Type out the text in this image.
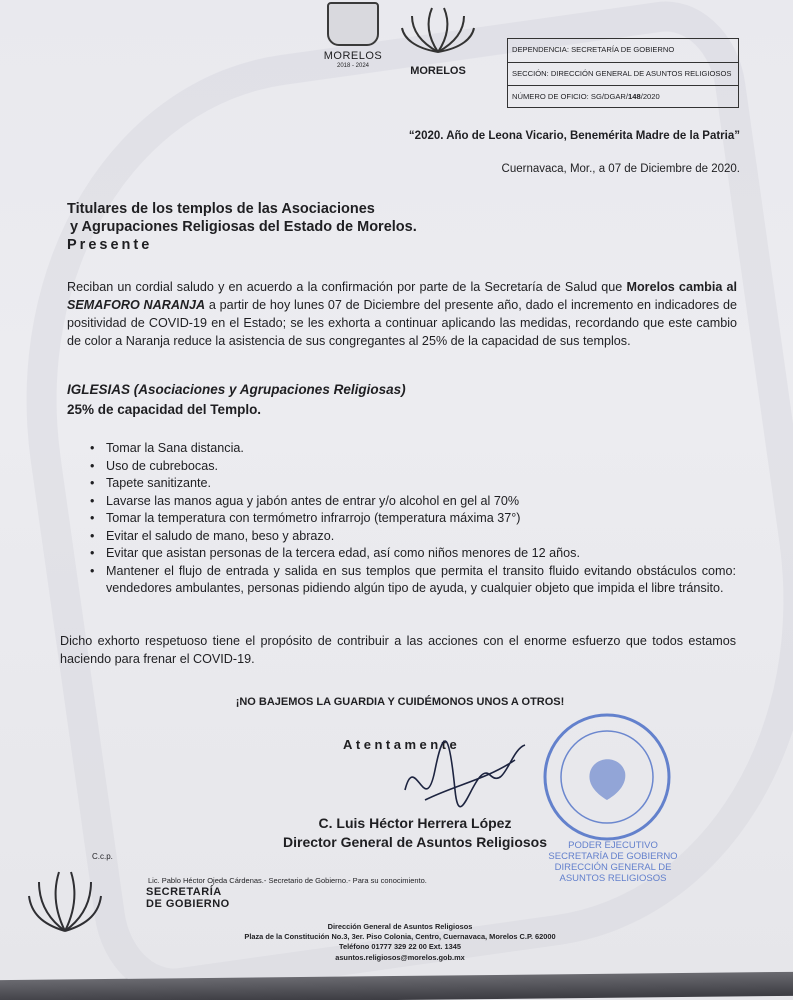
MORELOS
2018 - 2024	MORELOS
DEPENDENCIA: SECRETARÍA DE GOBIERNO
SECCIÓN: DIRECCIÓN GENERAL DE ASUNTOS RELIGIOSOS
NÚMERO DE OFICIO: SG/DGAR/148/2020
“2020. Año de Leona Vicario, Benemérita Madre de la Patria”
Cuernavaca, Mor., a 07 de Diciembre de 2020.
Titulares de los templos de las Asociaciones
y Agrupaciones Religiosas del Estado de Morelos.
Presente
Reciban un cordial saludo y en acuerdo a la confirmación por parte de la Secretaría de Salud que Morelos cambia al SEMAFORO NARANJA a partir de hoy lunes 07 de Diciembre del presente año, dado el incremento en indicadores de positividad de COVID-19 en el Estado; se les exhorta a continuar aplicando las medidas, recordando que este cambio de color a Naranja reduce la asistencia de sus congregantes al 25% de la capacidad de sus templos.
IGLESIAS (Asociaciones y Agrupaciones Religiosas)
25% de capacidad del Templo.
• Tomar la Sana distancia.
• Uso de cubrebocas.
• Tapete sanitizante.
• Lavarse las manos agua y jabón antes de entrar y/o alcohol en gel al 70%
• Tomar la temperatura con termómetro infrarrojo (temperatura máxima 37°)
• Evitar el saludo de mano, beso y abrazo.
• Evitar que asistan personas de la tercera edad, así como niños menores de 12 años.
• Mantener el flujo de entrada y salida en sus templos que permita el transito fluido evitando obstáculos como: vendedores ambulantes, personas pidiendo algún tipo de ayuda, y cualquier objeto que impida el libre tránsito.
Dicho exhorto respetuoso tiene el propósito de contribuir a las acciones con el enorme esfuerzo que todos estamos haciendo para frenar el COVID-19.
¡NO BAJEMOS LA GUARDIA Y CUIDÉMONOS UNOS A OTROS!
Atentamente
PODER EJECUTIVO
SECRETARÍA DE GOBIERNO
DIRECCIÓN GENERAL DE
ASUNTOS RELIGIOSOS
C. Luis Héctor Herrera López
Director General de Asuntos Religiosos
C.c.p.
Lic. Pablo Héctor Ojeda Cárdenas.- Secretario de Gobierno.- Para su conocimiento.
SECRETARÍA
DE GOBIERNO
Dirección General de Asuntos Religiosos
Plaza de la Constitución No.3, 3er. Piso Colonia, Centro, Cuernavaca, Morelos C.P. 62000
Teléfono 01777 329 22 00 Ext. 1345
asuntos.religiosos@morelos.gob.mx
